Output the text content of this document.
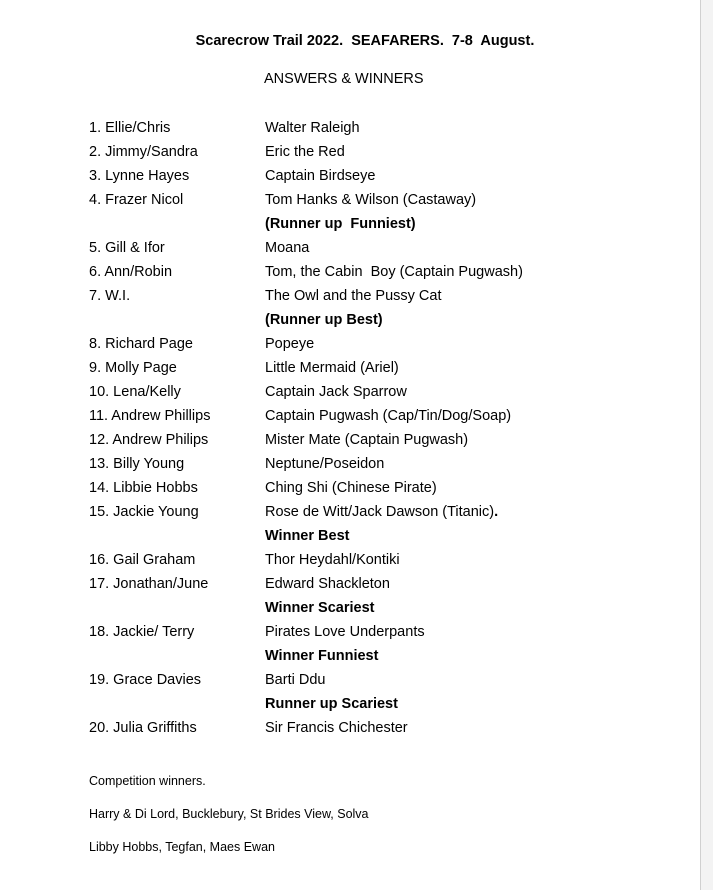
Scarecrow Trail 2022.  SEAFARERS.  7-8  August.
ANSWERS & WINNERS
1. Ellie/Chris	Walter Raleigh
2. Jimmy/Sandra	Eric the Red
3. Lynne Hayes	Captain Birdseye
4. Frazer Nicol	Tom Hanks & Wilson (Castaway)
(Runner up  Funniest)
5. Gill & Ifor	Moana
6. Ann/Robin	Tom, the Cabin  Boy (Captain Pugwash)
7. W.I.	The Owl and the Pussy Cat
(Runner up Best)
8. Richard Page	Popeye
9. Molly Page	Little Mermaid (Ariel)
10. Lena/Kelly	Captain Jack Sparrow
11. Andrew Phillips	Captain Pugwash (Cap/Tin/Dog/Soap)
12. Andrew Philips	Mister Mate (Captain Pugwash)
13. Billy Young	Neptune/Poseidon
14. Libbie Hobbs	Ching Shi (Chinese Pirate)
15. Jackie Young	Rose de Witt/Jack Dawson (Titanic).
Winner Best
16. Gail Graham	Thor Heydahl/Kontiki
17. Jonathan/June	Edward Shackleton
Winner Scariest
18. Jackie/ Terry	Pirates Love Underpants
Winner Funniest
19. Grace Davies	Barti Ddu
Runner up Scariest
20. Julia Griffiths	Sir Francis Chichester
Competition winners.
Harry & Di Lord, Bucklebury, St Brides View, Solva
Libby Hobbs, Tegfan, Maes Ewan
